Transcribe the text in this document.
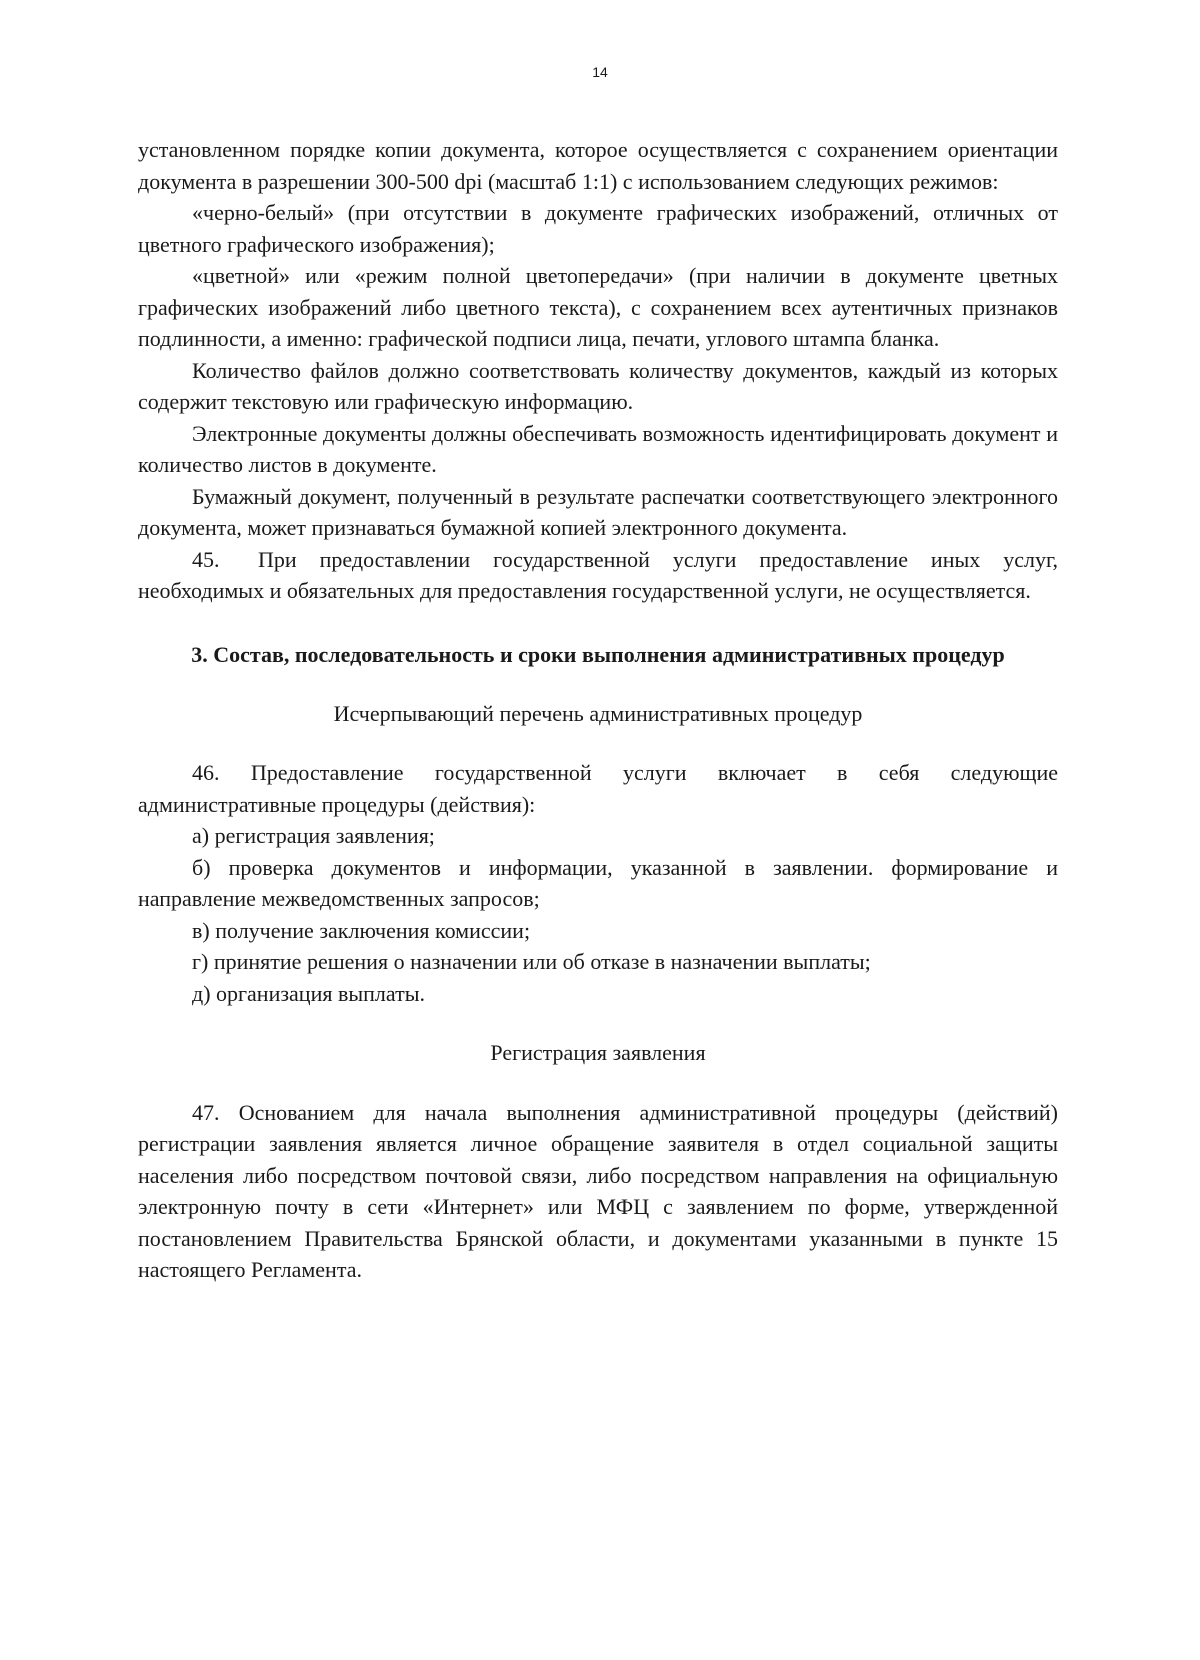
14

установленном порядке копии документа, которое осуществляется с сохранением ориентации документа в разрешении 300-500 dpi (масштаб 1:1) с использованием следующих режимов:

«черно-белый» (при отсутствии в документе графических изображений, отличных от цветного графического изображения);

«цветной» или «режим полной цветопередачи» (при наличии в документе цветных графических изображений либо цветного текста), с сохранением всех аутентичных признаков подлинности, а именно: графической подписи лица, печати, углового штампа бланка.

Количество файлов должно соответствовать количеству документов, каждый из которых содержит текстовую или графическую информацию.

Электронные документы должны обеспечивать возможность идентифицировать документ и количество листов в документе.

Бумажный документ, полученный в результате распечатки соответствующего электронного документа, может признаваться бумажной копией электронного документа.

45. При предоставлении государственной услуги предоставление иных услуг, необходимых и обязательных для предоставления государственной услуги, не осуществляется.

3. Состав, последовательность и сроки выполнения административных процедур

Исчерпывающий перечень административных процедур

46. Предоставление государственной услуги включает в себя следующие административные процедуры (действия):

а) регистрация заявления;

б) проверка документов и информации, указанной в заявлении. формирование и направление межведомственных запросов;

в) получение заключения комиссии;

г) принятие решения о назначении или об отказе в назначении выплаты;

д) организация выплаты.

Регистрация заявления

47. Основанием для начала выполнения административной процедуры (действий) регистрации заявления является личное обращение заявителя в отдел социальной защиты населения либо посредством почтовой связи, либо посредством направления на официальную электронную почту в сети «Интернет» или МФЦ с заявлением по форме, утвержденной постановлением Правительства Брянской области, и документами указанными в пункте 15 настоящего Регламента.
